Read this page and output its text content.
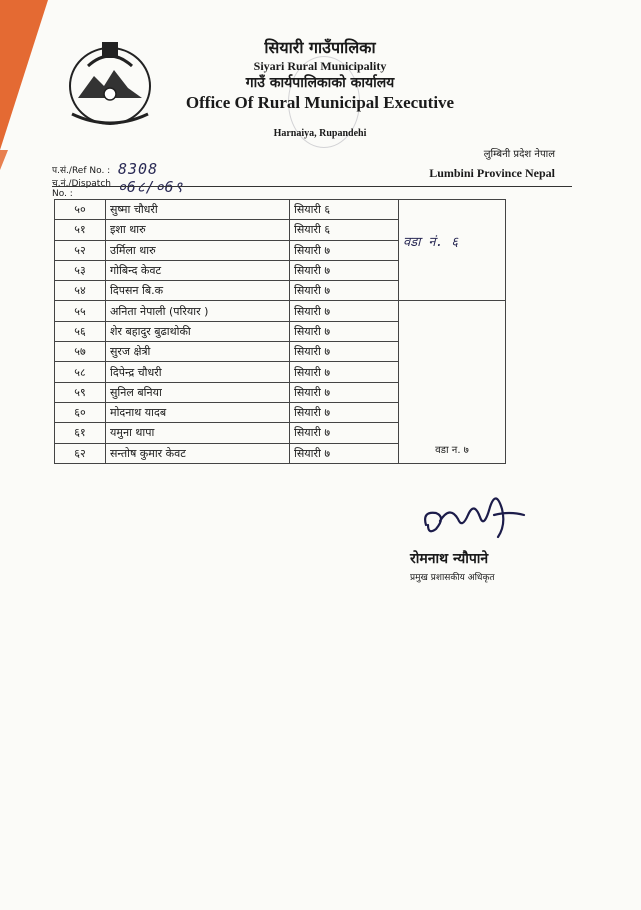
सियारी गाउँपालिका
Siyari Rural Municipality
गाउँ कार्यपालिकाको कार्यालय
Office Of Rural Municipal Executive
Harnaiya, Rupandehi
लुम्बिनी प्रदेश नेपाल
Lumbini Province Nepal
प.सं./Ref No. : 8308
च.नं./Dispatch No. :	०6८/०6९
५०	सुष्मा चौधरी	सियारी ६	वडा नं. ६

५१	इशा थारु	सियारी ६	
५२	उर्मिला थारु	सियारी ७	
५३	गोबिन्द केवट	सियारी ७	
५४	दिपसन बि.क	सियारी ७	
५५	अनिता नेपाली (परियार )	सियारी ७	वडा न. ७

५६	शेर बहादुर बुढाथोकी	सियारी ७	
५७	सुरज क्षेत्री	सियारी ७	
५८	दिपेन्द्र चौधरी	सियारी ७	
५९	सुनिल बनिया	सियारी ७	
६०	मोदनाथ यादब	सियारी ७	
६१	यमुना थापा	सियारी ७	
६२	सन्तोष कुमार केवट	सियारी ७	
रोमनाथ न्यौपाने
प्रमुख प्रशासकीय अधिकृत
